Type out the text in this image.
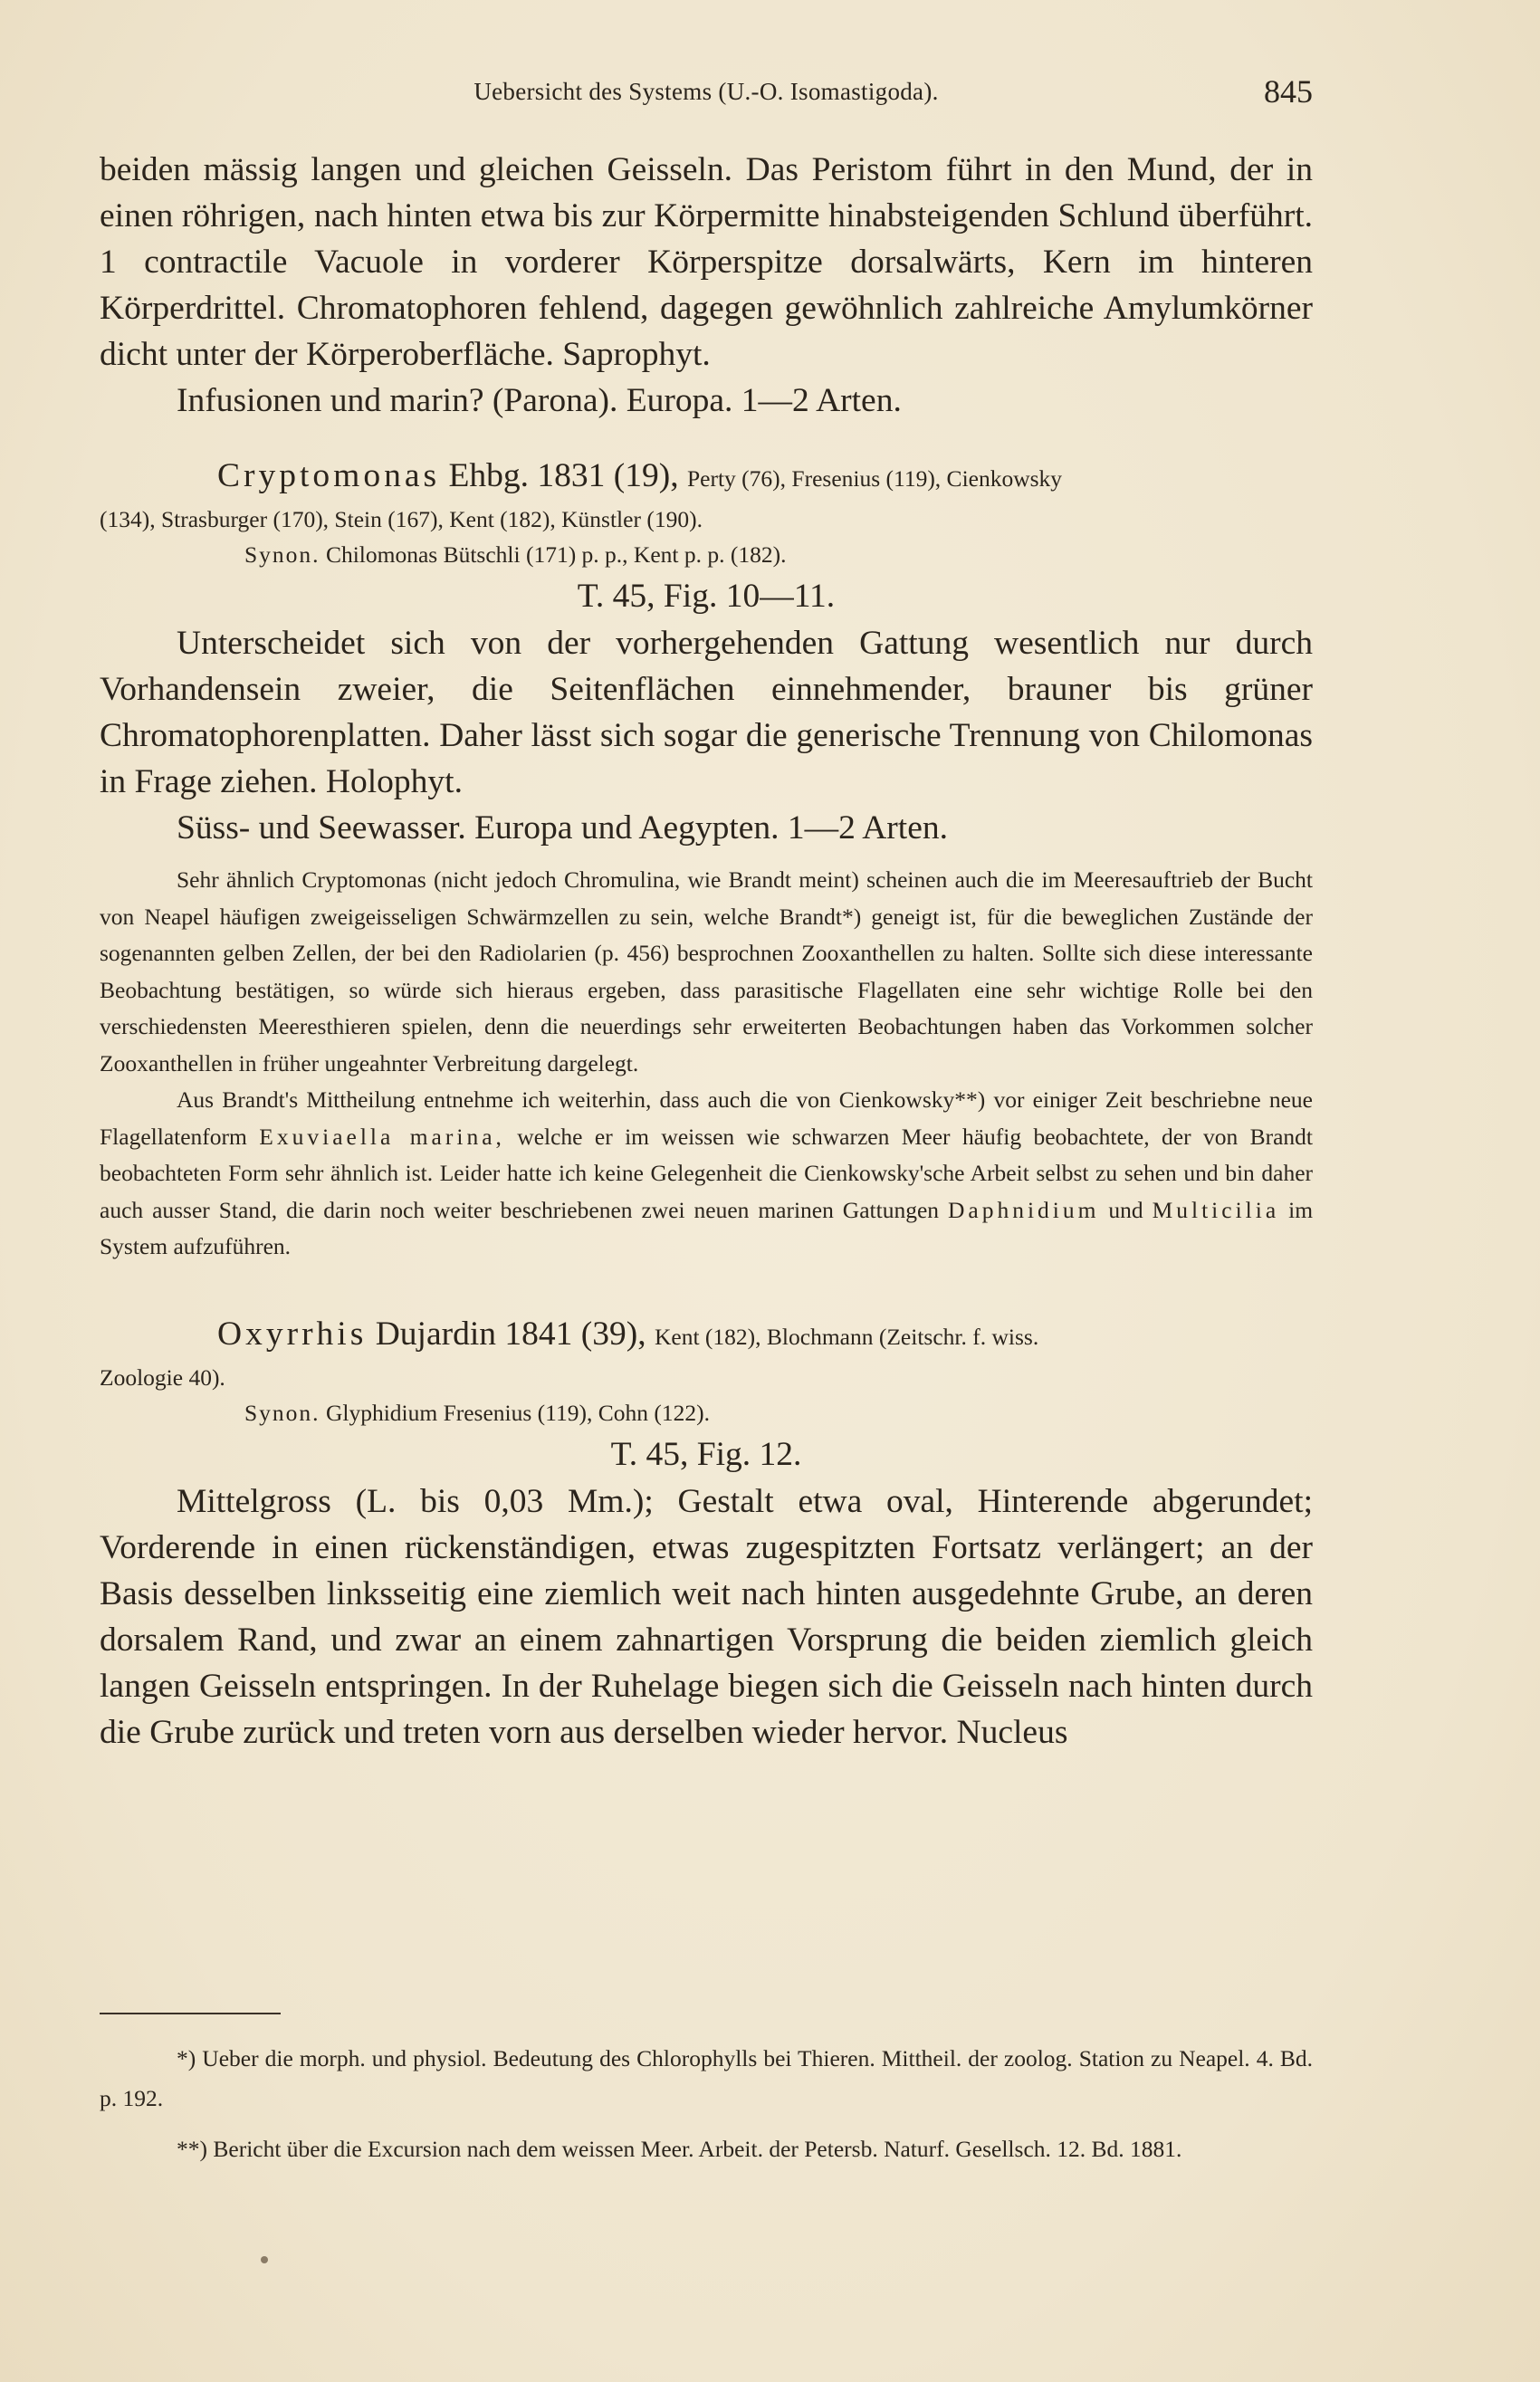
Uebersicht des Systems (U.-O. Isomastigoda).	845

beiden mässig langen und gleichen Geisseln. Das Peristom führt in den Mund, der in einen röhrigen, nach hinten etwa bis zur Körpermitte hinabsteigenden Schlund überführt. 1 contractile Vacuole in vorderer Körperspitze dorsalwärts, Kern im hinteren Körperdrittel. Chromatophoren fehlend, dagegen gewöhnlich zahlreiche Amylumkörner dicht unter der Körperoberfläche. Saprophyt.

Infusionen und marin? (Parona). Europa. 1—2 Arten.

Cryptomonas Ehbg. 1831 (19), Perty (76), Fresenius (119), Cienkowsky

(134), Strasburger (170), Stein (167), Kent (182), Künstler (190).

Synon. Chilomonas Bütschli (171) p. p., Kent p. p. (182).

T. 45, Fig. 10—11.

Unterscheidet sich von der vorhergehenden Gattung wesentlich nur durch Vorhandensein zweier, die Seitenflächen einnehmender, brauner bis grüner Chromatophorenplatten. Daher lässt sich sogar die generische Trennung von Chilomonas in Frage ziehen. Holophyt.

Süss- und Seewasser. Europa und Aegypten. 1—2 Arten.

Sehr ähnlich Cryptomonas (nicht jedoch Chromulina, wie Brandt meint) scheinen auch die im Meeresauftrieb der Bucht von Neapel häufigen zweigeisseligen Schwärmzellen zu sein, welche Brandt*) geneigt ist, für die beweglichen Zustände der sogenannten gelben Zellen, der bei den Radiolarien (p. 456) besprochnen Zooxanthellen zu halten. Sollte sich diese interessante Beobachtung bestätigen, so würde sich hieraus ergeben, dass parasitische Flagellaten eine sehr wichtige Rolle bei den verschiedensten Meeresthieren spielen, denn die neuerdings sehr erweiterten Beobachtungen haben das Vorkommen solcher Zooxanthellen in früher ungeahnter Verbreitung dargelegt.

Aus Brandt's Mittheilung entnehme ich weiterhin, dass auch die von Cienkowsky**) vor einiger Zeit beschriebne neue Flagellatenform Exuviaella marina, welche er im weissen wie schwarzen Meer häufig beobachtete, der von Brandt beobachteten Form sehr ähnlich ist. Leider hatte ich keine Gelegenheit die Cienkowsky'sche Arbeit selbst zu sehen und bin daher auch ausser Stand, die darin noch weiter beschriebenen zwei neuen marinen Gattungen Daphnidium und Multicilia im System aufzuführen.

Oxyrrhis Dujardin 1841 (39), Kent (182), Blochmann (Zeitschr. f. wiss.

Zoologie 40).

Synon. Glyphidium Fresenius (119), Cohn (122).

T. 45, Fig. 12.

Mittelgross (L. bis 0,03 Mm.); Gestalt etwa oval, Hinterende abgerundet; Vorderende in einen rückenständigen, etwas zugespitzten Fortsatz verlängert; an der Basis desselben linksseitig eine ziemlich weit nach hinten ausgedehnte Grube, an deren dorsalem Rand, und zwar an einem zahnartigen Vorsprung die beiden ziemlich gleich langen Geisseln entspringen. In der Ruhelage biegen sich die Geisseln nach hinten durch die Grube zurück und treten vorn aus derselben wieder hervor. Nucleus

*) Ueber die morph. und physiol. Bedeutung des Chlorophylls bei Thieren. Mittheil. der zoolog. Station zu Neapel. 4. Bd. p. 192.

**) Bericht über die Excursion nach dem weissen Meer. Arbeit. der Petersb. Naturf. Gesellsch. 12. Bd. 1881.
